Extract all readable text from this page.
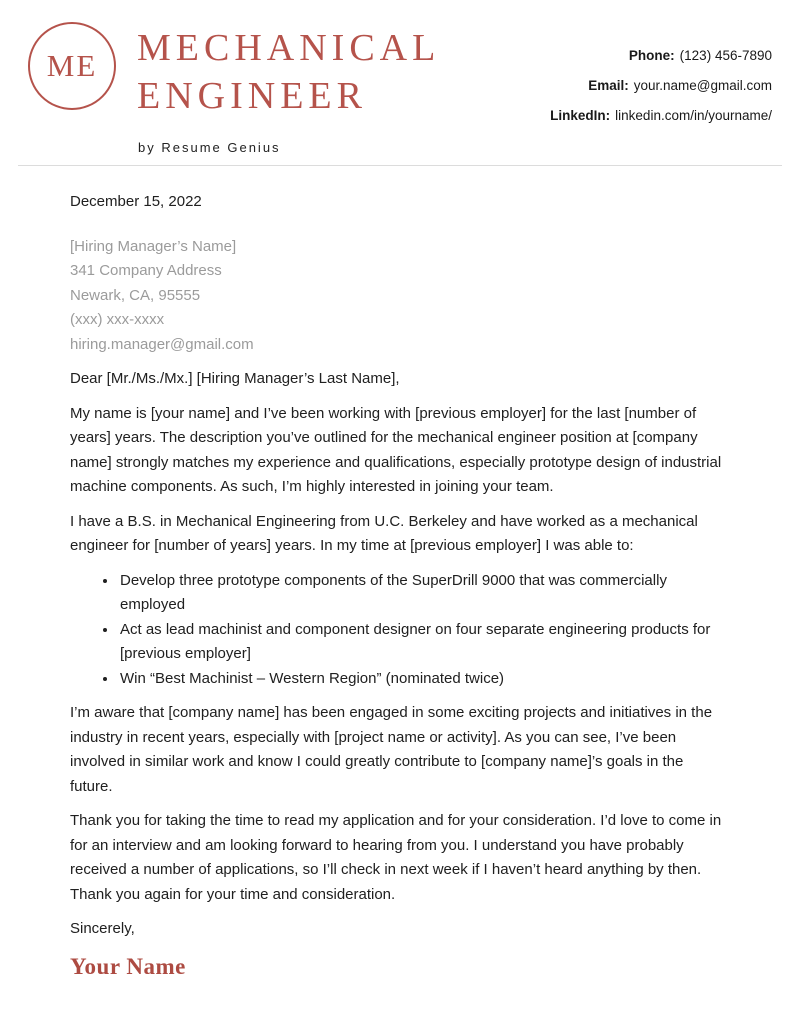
ME MECHANICAL
ENGINEER
by Resume Genius
Phone: (123) 456-7890
Email: your.name@gmail.com
LinkedIn: linkedin.com/in/yourname/
December 15, 2022
[Hiring Manager’s Name]
341 Company Address
Newark, CA, 95555
(xxx) xxx-xxxx
hiring.manager@gmail.com

Dear [Mr./Ms./Mx.] [Hiring Manager’s Last Name],

My name is [your name] and I’ve been working with [previous employer] for the last [number of years] years. The description you’ve outlined for the mechanical engineer position at [company name] strongly matches my experience and qualifications, especially prototype design of industrial machine components. As such, I’m highly interested in joining your team.

I have a B.S. in Mechanical Engineering from U.C. Berkeley and have worked as a mechanical engineer for [number of years] years. In my time at [previous employer] I was able to:

• Develop three prototype components of the SuperDrill 9000 that was commercially employed
• Act as lead machinist and component designer on four separate engineering products for [previous employer]
• Win “Best Machinist – Western Region” (nominated twice)

I’m aware that [company name] has been engaged in some exciting projects and initiatives in the industry in recent years, especially with [project name or activity]. As you can see, I’ve been involved in similar work and know I could greatly contribute to [company name]’s goals in the future.

Thank you for taking the time to read my application and for your consideration. I’d love to come in for an interview and am looking forward to hearing from you. I understand you have probably received a number of applications, so I’ll check in next week if I haven’t heard anything by then. Thank you again for your time and consideration.

Sincerely,

Your Name
